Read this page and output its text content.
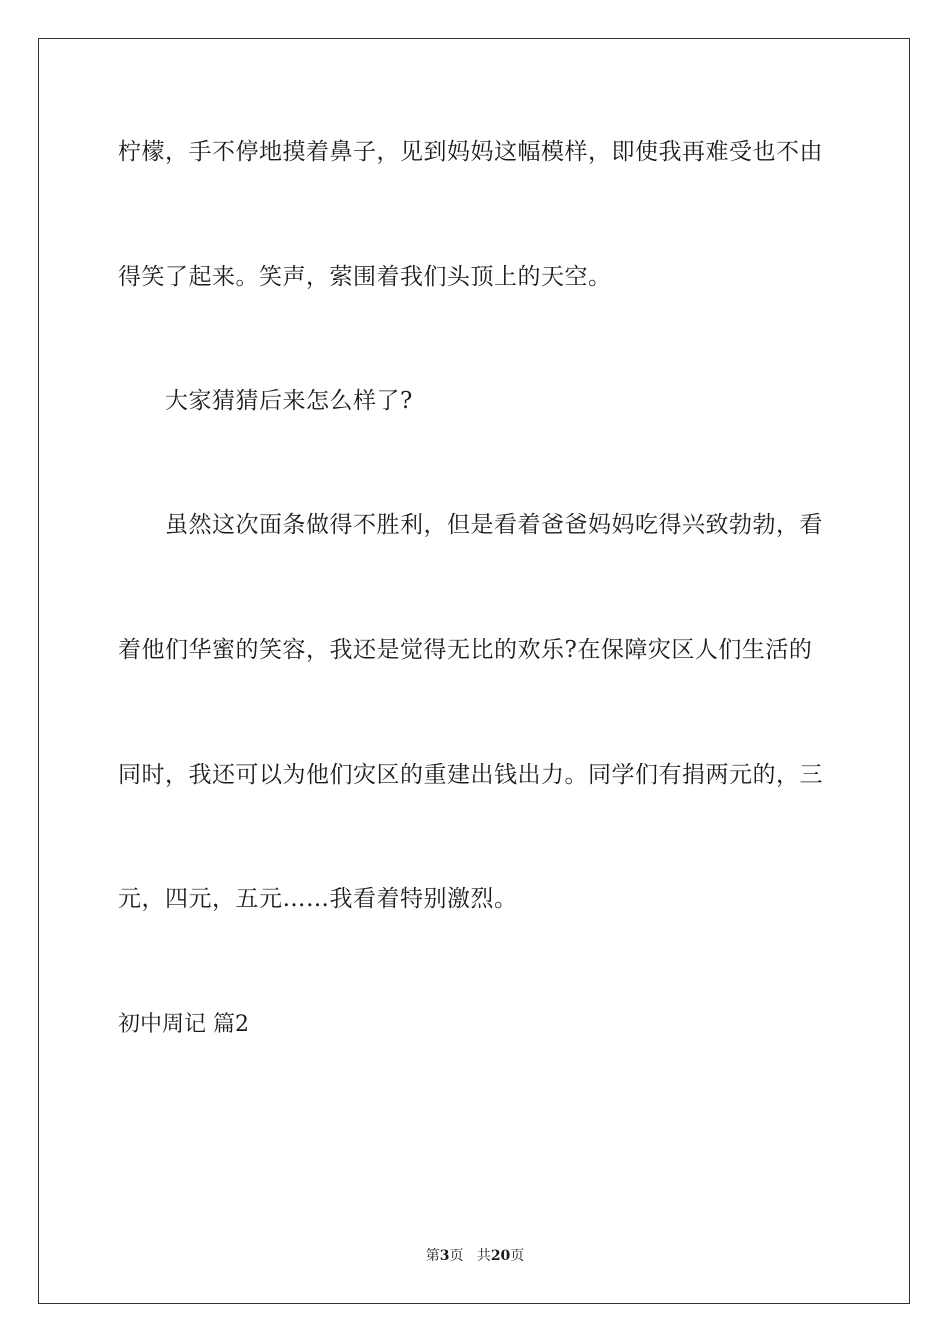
柠檬，手不停地摸着鼻子，见到妈妈这幅模样，即使我再难受也不由
得笑了起来。笑声，萦围着我们头顶上的天空。
大家猜猜后来怎么样了?
虽然这次面条做得不胜利，但是看着爸爸妈妈吃得兴致勃勃，看
着他们华蜜的笑容，我还是觉得无比的欢乐?在保障灾区人们生活的
同时，我还可以为他们灾区的重建出钱出力。同学们有捐两元的，三
元，四元，五元……我看着特别激烈。
初中周记 篇2
第3页 共20页
